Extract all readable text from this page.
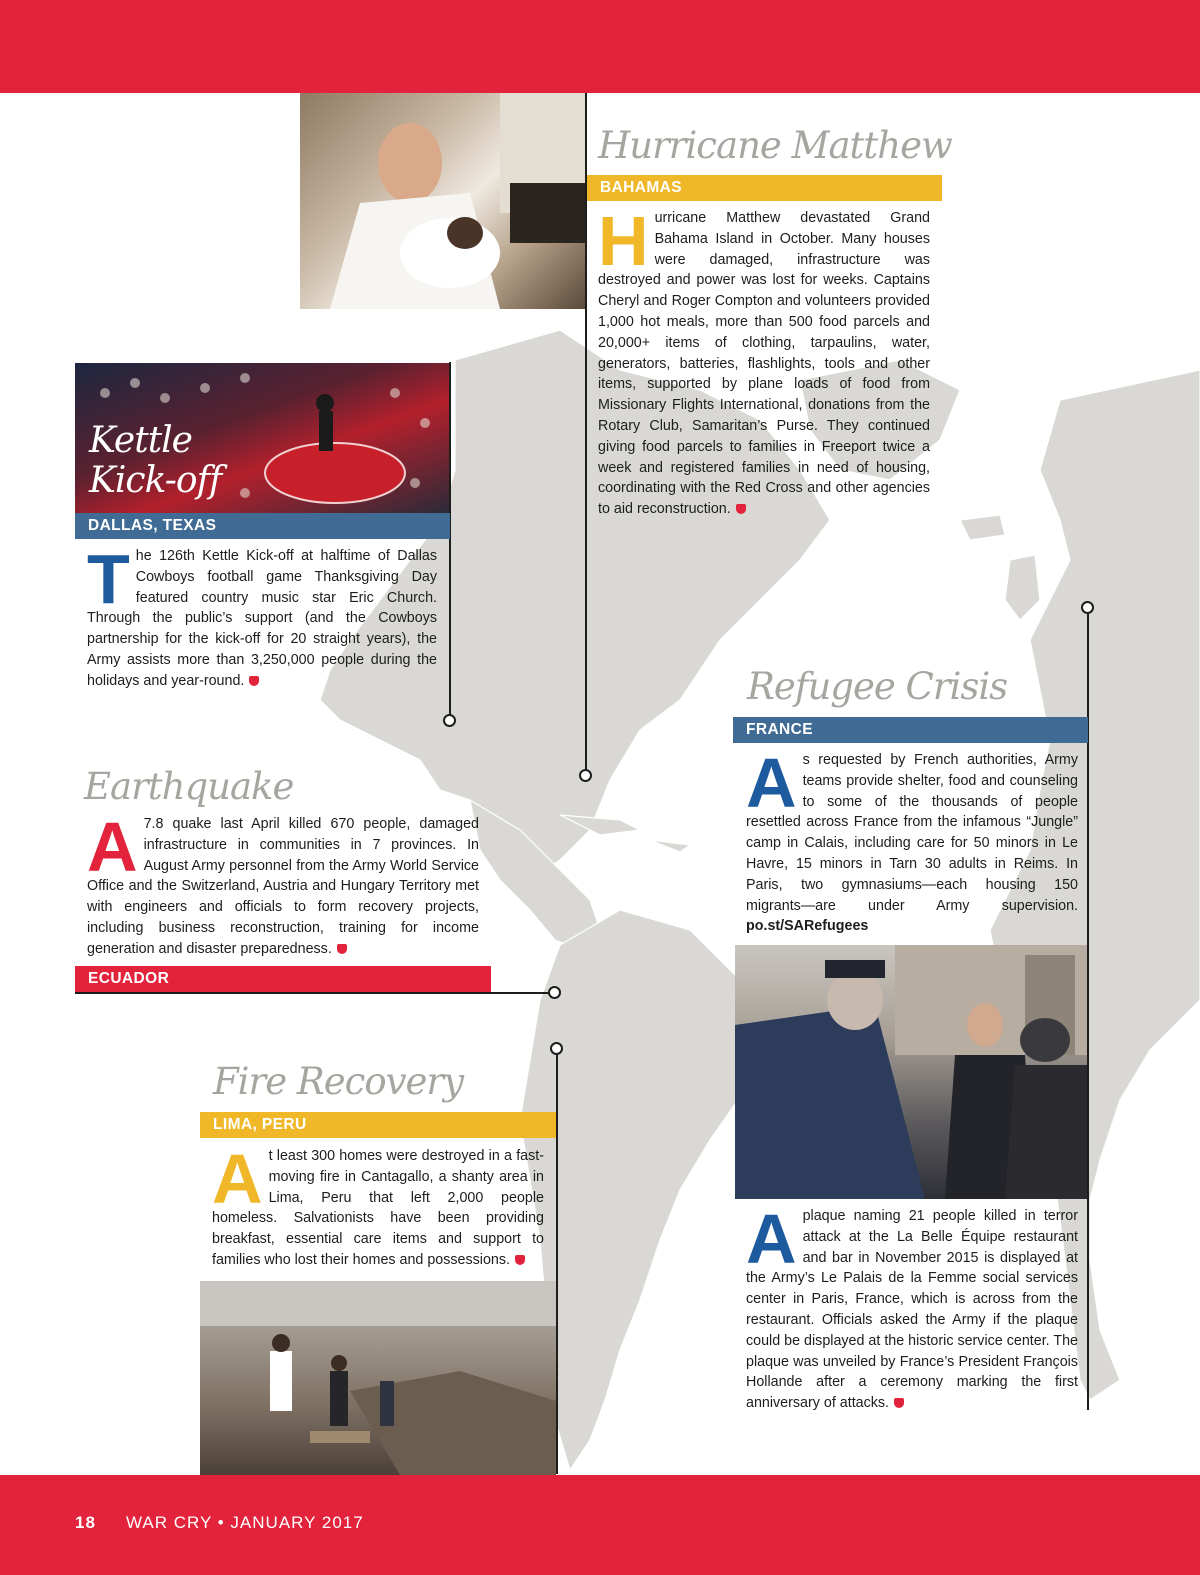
18 WAR CRY • JANUARY 2017
Hurricane Matthew
BAHAMAS
Hurricane Matthew devastated Grand Bahama Island in October. Many houses were damaged, infrastructure was destroyed and power was lost for weeks. Captains Cheryl and Roger Compton and volunteers provided 1,000 hot meals, more than 500 food parcels and 20,000+ items of clothing, tarpaulins, water, generators, batteries, flashlights, tools and other items, supported by plane loads of food from Missionary Flights International, donations from the Rotary Club, Samaritan’s Purse. They continued giving food parcels to families in Freeport twice a week and registered families in need of housing, coordinating with the Red Cross and other agencies to aid reconstruction.
Kettle
Kick-off
DALLAS, TEXAS
The 126th Kettle Kick-off at halftime of Dallas Cowboys football game Thanksgiving Day featured country music star Eric Church. Through the public’s support (and the Cowboys partnership for the kick-off for 20 straight years), the Army assists more than 3,250,000 people during the holidays and year-round.
Earthquake
A 7.8 quake last April killed 670 people, damaged infrastructure in communities in 7 provinces. In August Army personnel from the Army World Service Office and the Switzerland, Austria and Hungary Territory met with engineers and officials to form recovery projects, including business reconstruction, training for income generation and disaster preparedness.
ECUADOR
Fire Recovery
LIMA, PERU
At least 300 homes were destroyed in a fast-moving fire in Cantagallo, a shanty area in Lima, Peru that left 2,000 people homeless. Salvationists have been providing breakfast, essential care items and support to families who lost their homes and possessions.
Refugee Crisis
FRANCE
As requested by French authorities, Army teams provide shelter, food and counseling to some of the thousands of people resettled across France from the infamous “Jungle” camp in Calais, including care for 50 minors in Le Havre, 15 minors in Tarn 30 adults in Reims. In Paris, two gymnasiums—each housing 150 migrants—are under Army supervision. po.st/SARefugees
Aplaque naming 21 people killed in terror attack at the La Belle Équipe restaurant and bar in November 2015 is displayed at the Army’s Le Palais de la Femme social services center in Paris, France, which is across from the restaurant. Officials asked the Army if the plaque could be displayed at the historic service center. The plaque was unveiled by France’s President François Hollande after a ceremony marking the first anniversary of attacks.
